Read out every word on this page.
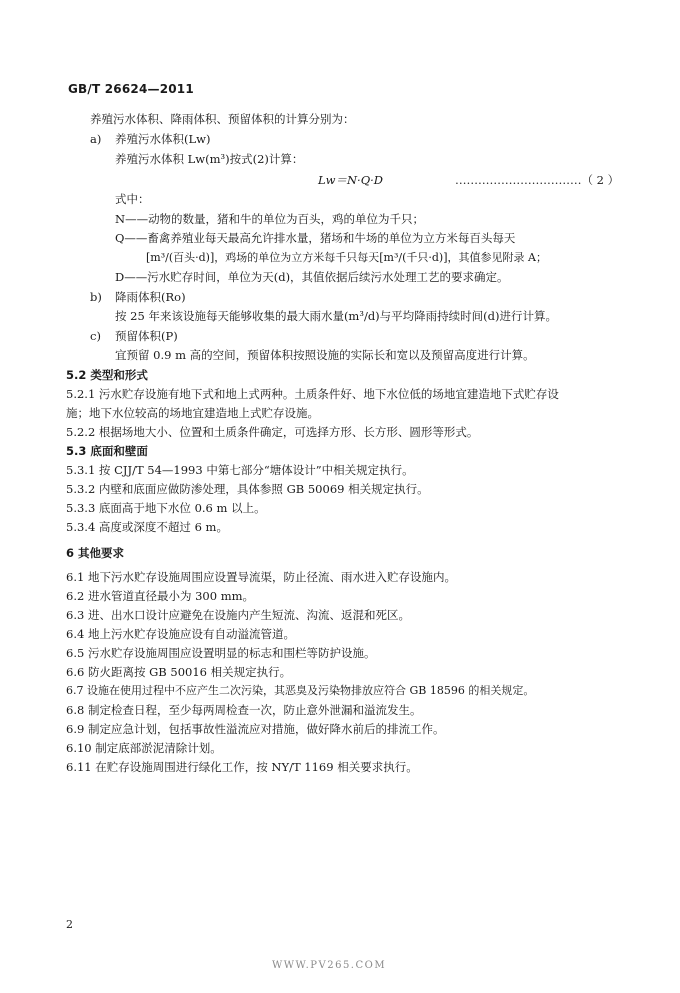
GB/T 26624—2011
养殖污水体积、降雨体积、预留体积的计算分别为：
a) 养殖污水体积(Lw)
养殖污水体积 Lw(m³)按式(2)计算：
Lw＝N·Q·D	……………………………（ 2 ）
式中：
N——动物的数量，猪和牛的单位为百头，鸡的单位为千只；
Q——畜禽养殖业每天最高允许排水量，猪场和牛场的单位为立方米每百头每天
[m³/(百头·d)]，鸡场的单位为立方米每千只每天[m³/(千只·d)]，其值参见附录 A；
D——污水贮存时间，单位为天(d)，其值依据后续污水处理工艺的要求确定。
b) 降雨体积(Ro)
按 25 年来该设施每天能够收集的最大雨水量(m³/d)与平均降雨持续时间(d)进行计算。
c) 预留体积(P)
宜预留 0.9 m 高的空间，预留体积按照设施的实际长和宽以及预留高度进行计算。
5.2 类型和形式
5.2.1 污水贮存设施有地下式和地上式两种。土质条件好、地下水位低的场地宜建造地下式贮存设
施；地下水位较高的场地宜建造地上式贮存设施。
5.2.2 根据场地大小、位置和土质条件确定，可选择方形、长方形、圆形等形式。
5.3 底面和壁面
5.3.1 按 CJJ/T 54—1993 中第七部分“塘体设计”中相关规定执行。
5.3.2 内壁和底面应做防渗处理，具体参照 GB 50069 相关规定执行。
5.3.3 底面高于地下水位 0.6 m 以上。
5.3.4 高度或深度不超过 6 m。
6 其他要求
6.1 地下污水贮存设施周围应设置导流渠，防止径流、雨水进入贮存设施内。
6.2 进水管道直径最小为 300 mm。
6.3 进、出水口设计应避免在设施内产生短流、沟流、返混和死区。
6.4 地上污水贮存设施应设有自动溢流管道。
6.5 污水贮存设施周围应设置明显的标志和围栏等防护设施。
6.6 防火距离按 GB 50016 相关规定执行。
6.7 设施在使用过程中不应产生二次污染，其恶臭及污染物排放应符合 GB 18596 的相关规定。
6.8 制定检查日程，至少每两周检查一次，防止意外泄漏和溢流发生。
6.9 制定应急计划，包括事故性溢流应对措施，做好降水前后的排流工作。
6.10 制定底部淤泥清除计划。
6.11 在贮存设施周围进行绿化工作，按 NY/T 1169 相关要求执行。
2
WWW.PV265.COM
